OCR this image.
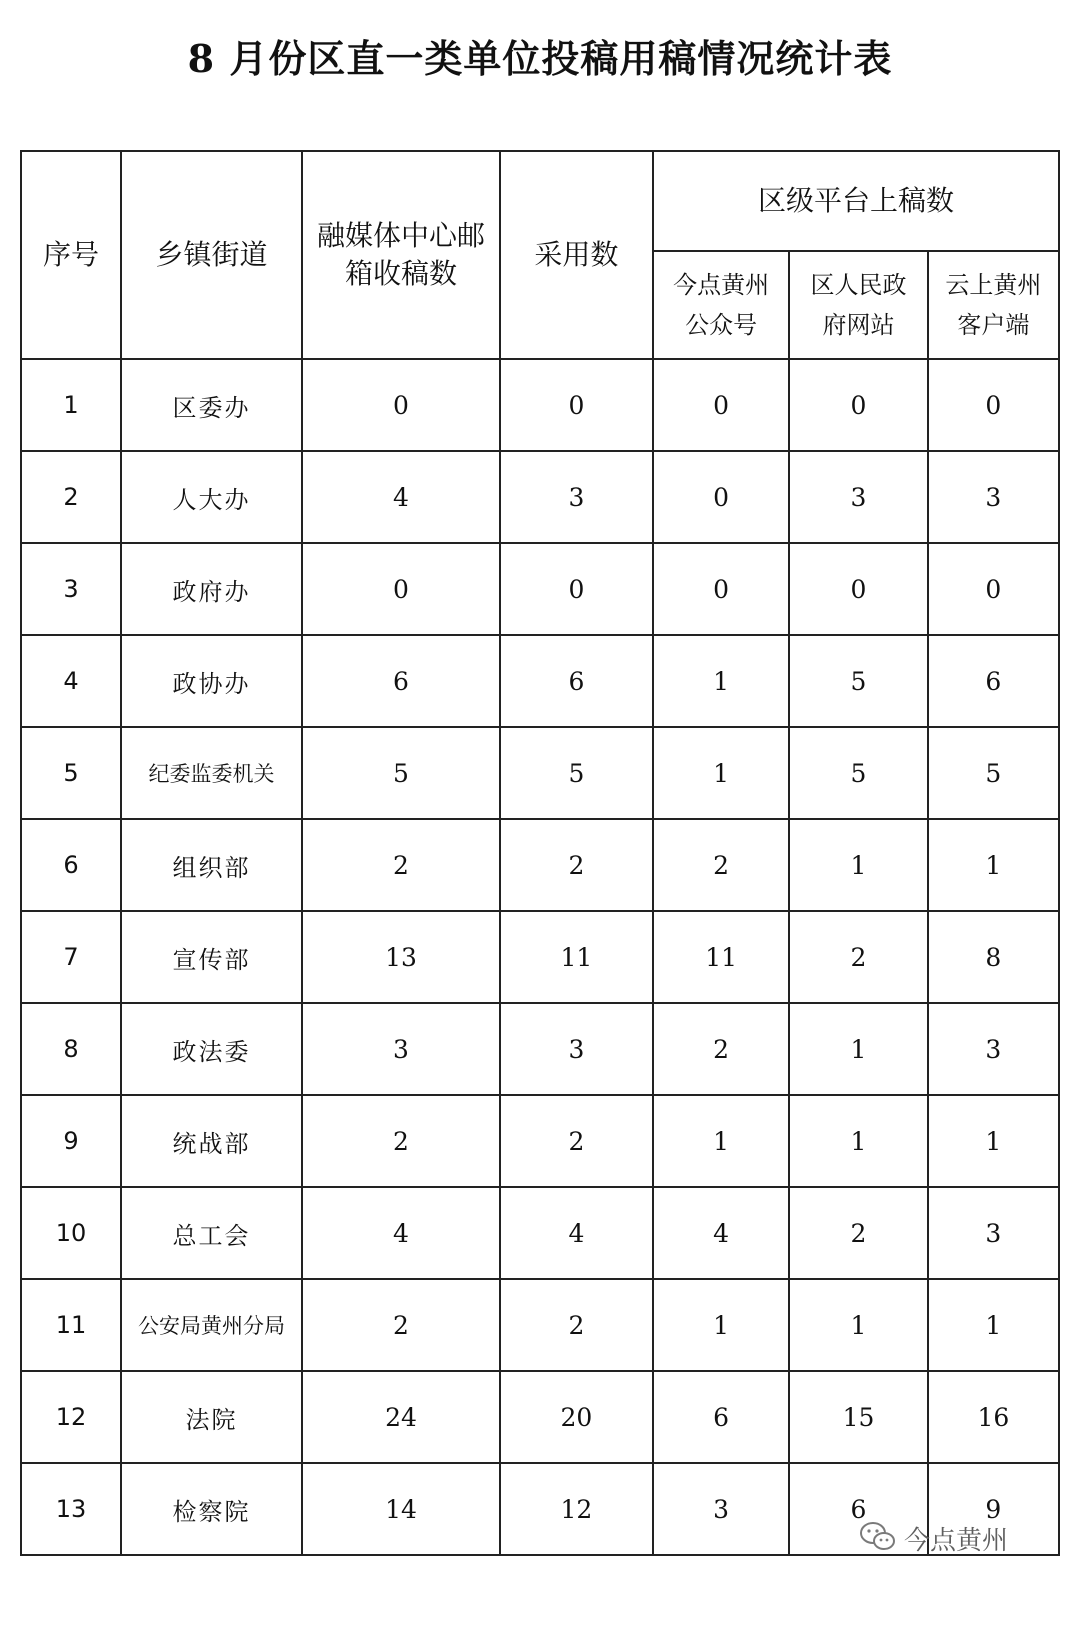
8 月份区直一类单位投稿用稿情况统计表
序号	乡镇街道	融媒体中心邮箱收稿数	采用数	区级平台上稿数		

				今点黄州公众号	区人民政府网站	云上黄州客户端

1	区委办	0	0	0	0	0
2	人大办	4	3	0	3	3
3	政府办	0	0	0	0	0
4	政协办	6	6	1	5	6
5	纪委监委机关	5	5	1	5	5
6	组织部	2	2	2	1	1
7	宣传部	13	11	11	2	8
8	政法委	3	3	2	1	3
9	统战部	2	2	1	1	1
10	总工会	4	4	4	2	3
11	公安局黄州分局	2	2	1	1	1
12	法院	24	20	6	15	16
13	检察院	14	12	3	6	9
今点黄州
